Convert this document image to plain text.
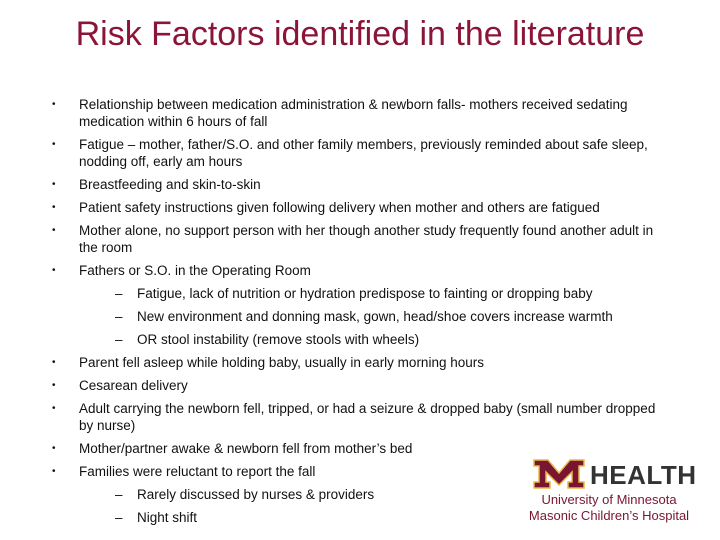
Risk Factors identified in the literature
• Relationship between medication administration & newborn falls- mothers received sedating medication within 6 hours of fall
• Fatigue – mother, father/S.O. and other family members, previously reminded about safe sleep, nodding off, early am hours
• Breastfeeding and skin-to-skin
• Patient safety instructions given following delivery when mother and others are fatigued
• Mother alone, no support person with her though another study frequently found another adult in the room
• Fathers or S.O. in the Operating Room
– Fatigue, lack of nutrition or hydration predispose to fainting or dropping baby
– New environment and donning mask, gown, head/shoe covers increase warmth
– OR stool instability (remove stools with wheels)
• Parent fell asleep while holding baby, usually in early morning hours
• Cesarean delivery
• Adult carrying the newborn fell, tripped, or had a seizure & dropped baby (small number dropped by nurse)
• Mother/partner awake & newborn fell from mother’s bed
• Families were reluctant to report the fall
– Rarely discussed by nurses & providers
– Night shift
HEALTH
University of Minnesota
Masonic Children’s Hospital
